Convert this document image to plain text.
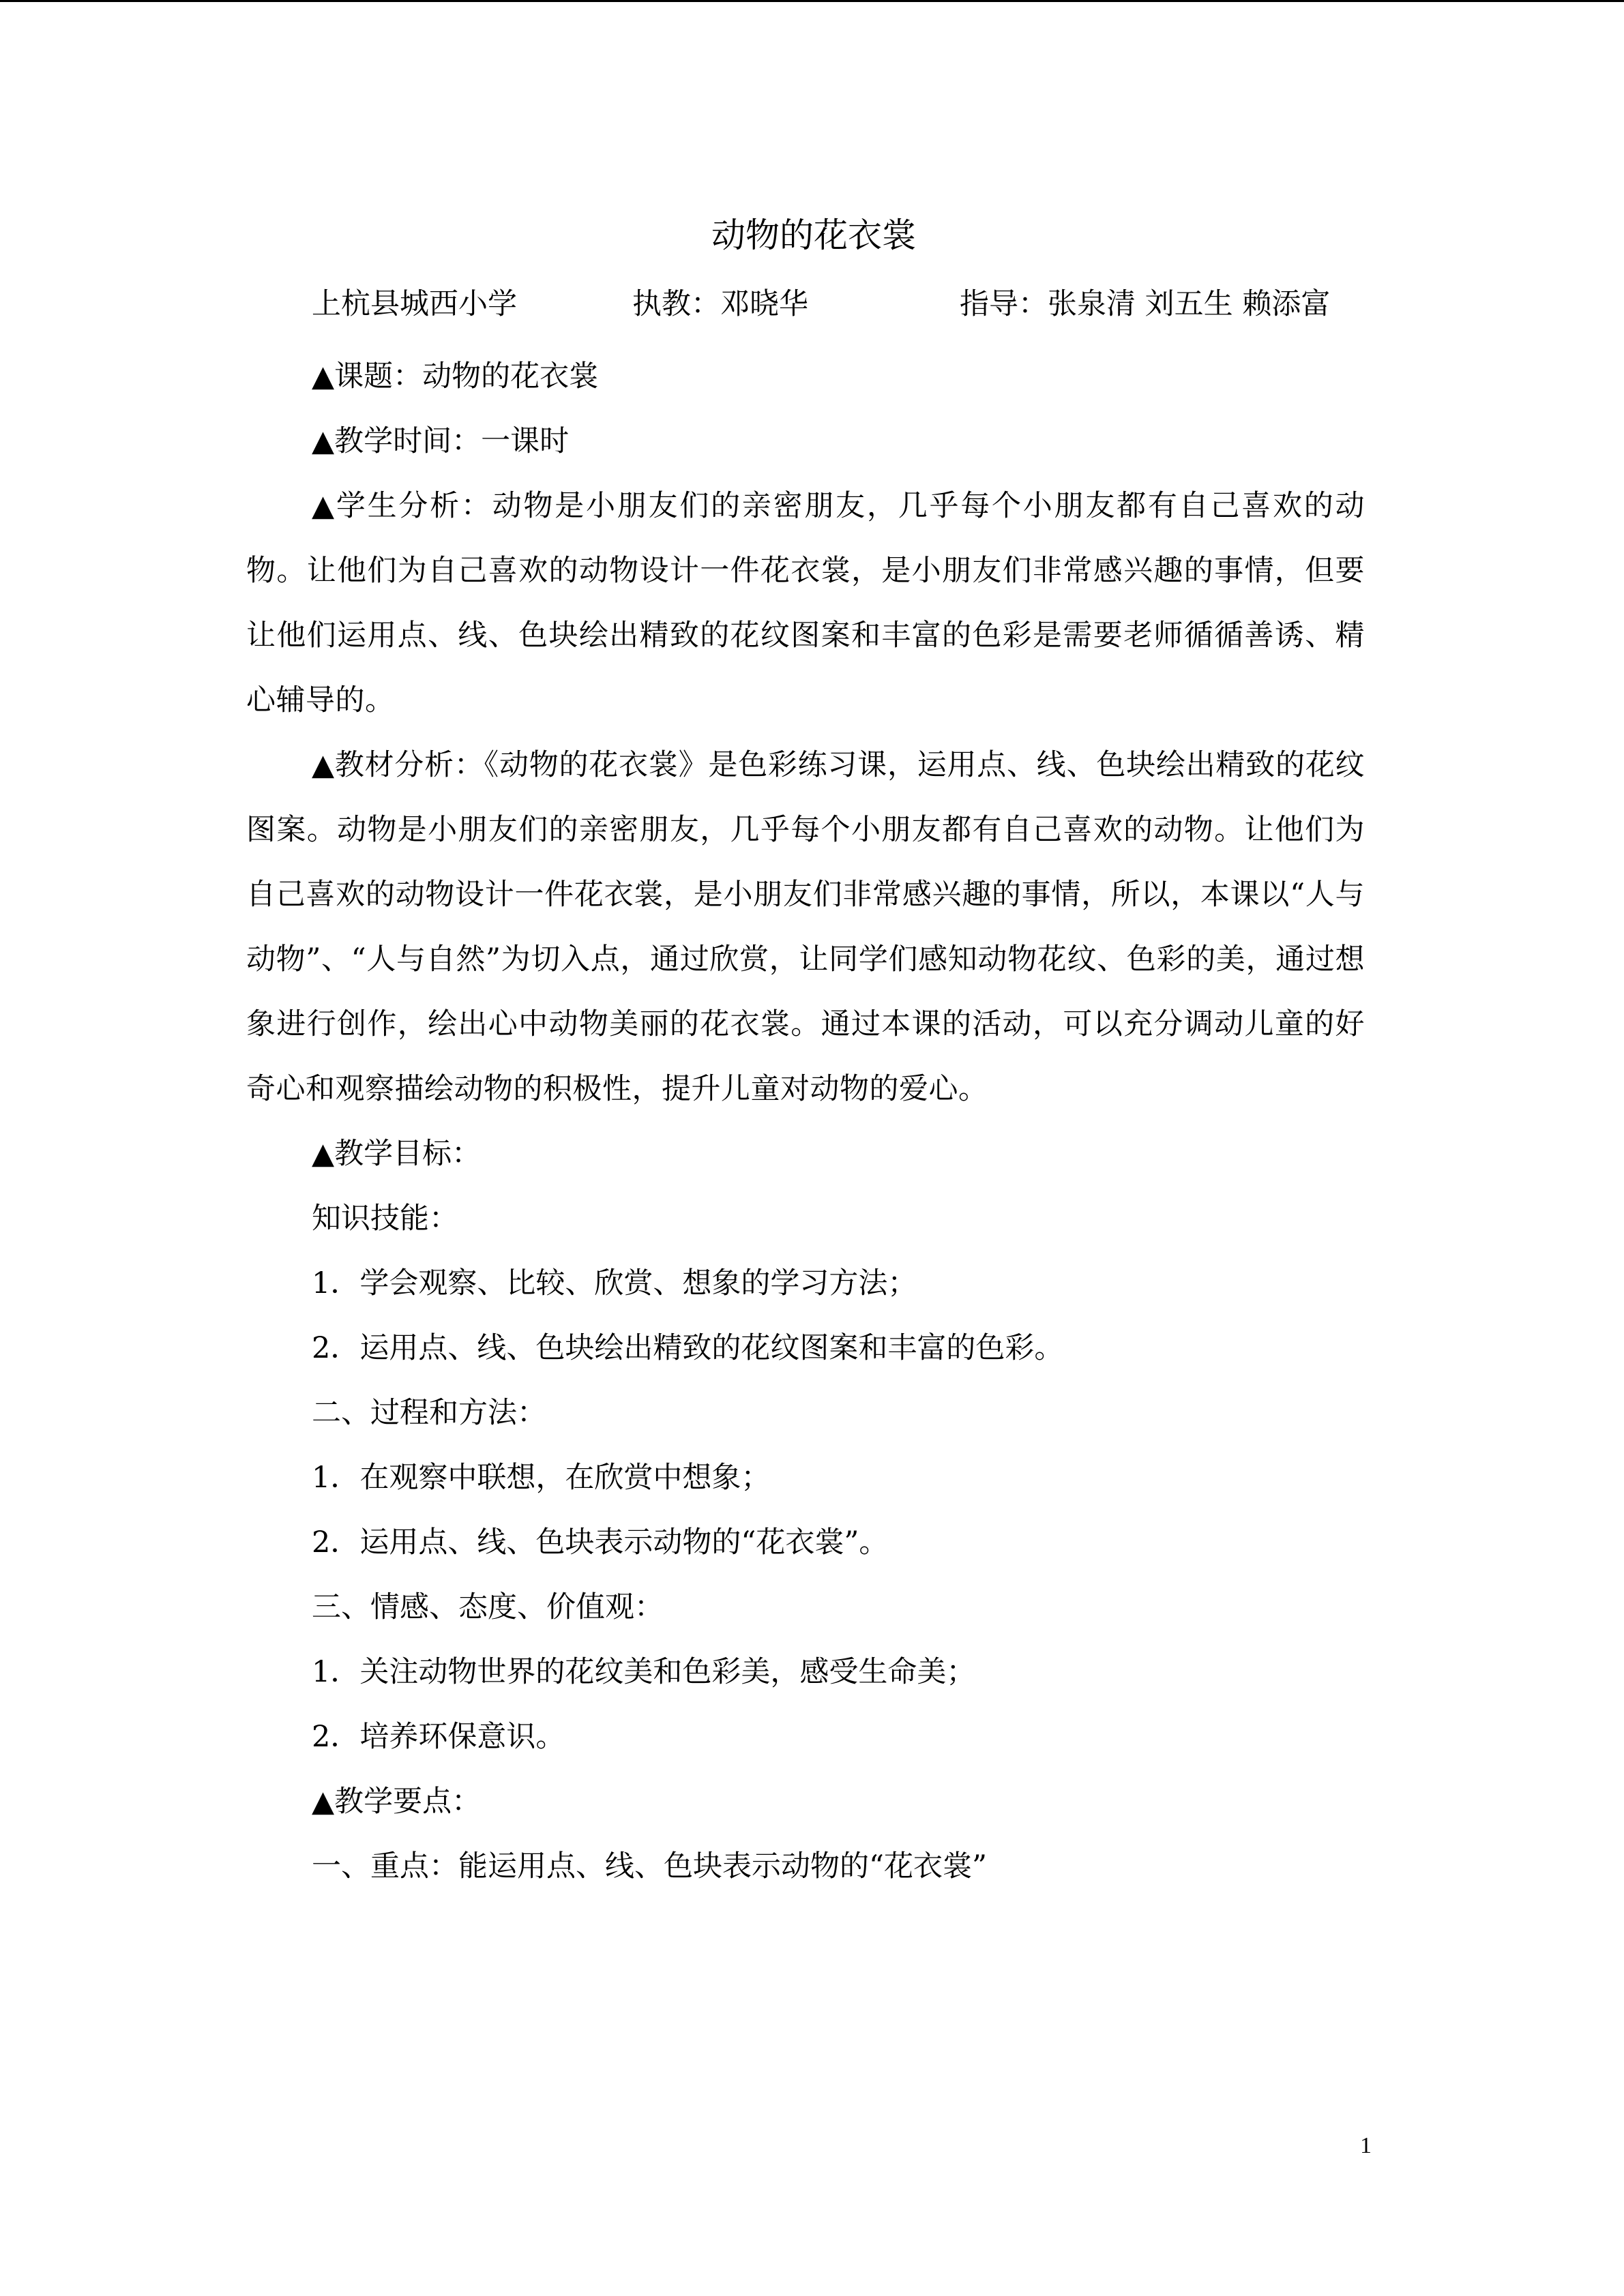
动物的花衣裳
上杭县城西小学	执教：邓晓华	指导：张泉清 刘五生 赖添富

▲课题：动物的花衣裳

▲教学时间：一课时

▲学生分析：动物是小朋友们的亲密朋友，几乎每个小朋友都有自己喜欢的动物。让他们为自己喜欢的动物设计一件花衣裳，是小朋友们非常感兴趣的事情，但要让他们运用点、线、色块绘出精致的花纹图案和丰富的色彩是需要老师循循善诱、精心辅导的。

▲教材分析：《动物的花衣裳》是色彩练习课，运用点、线、色块绘出精致的花纹图案。动物是小朋友们的亲密朋友，几乎每个小朋友都有自己喜欢的动物。让他们为自己喜欢的动物设计一件花衣裳，是小朋友们非常感兴趣的事情，所以，本课以“人与动物”、“人与自然”为切入点，通过欣赏，让同学们感知动物花纹、色彩的美，通过想象进行创作，绘出心中动物美丽的花衣裳。通过本课的活动，可以充分调动儿童的好奇心和观察描绘动物的积极性，提升儿童对动物的爱心。

▲教学目标：

知识技能：

1．学会观察、比较、欣赏、想象的学习方法；

2．运用点、线、色块绘出精致的花纹图案和丰富的色彩。

二、过程和方法：

1．在观察中联想，在欣赏中想象；

2．运用点、线、色块表示动物的“花衣裳”。

三、情感、态度、价值观：

1．关注动物世界的花纹美和色彩美，感受生命美；

2．培养环保意识。

▲教学要点：

一、重点：能运用点、线、色块表示动物的“花衣裳”

1
